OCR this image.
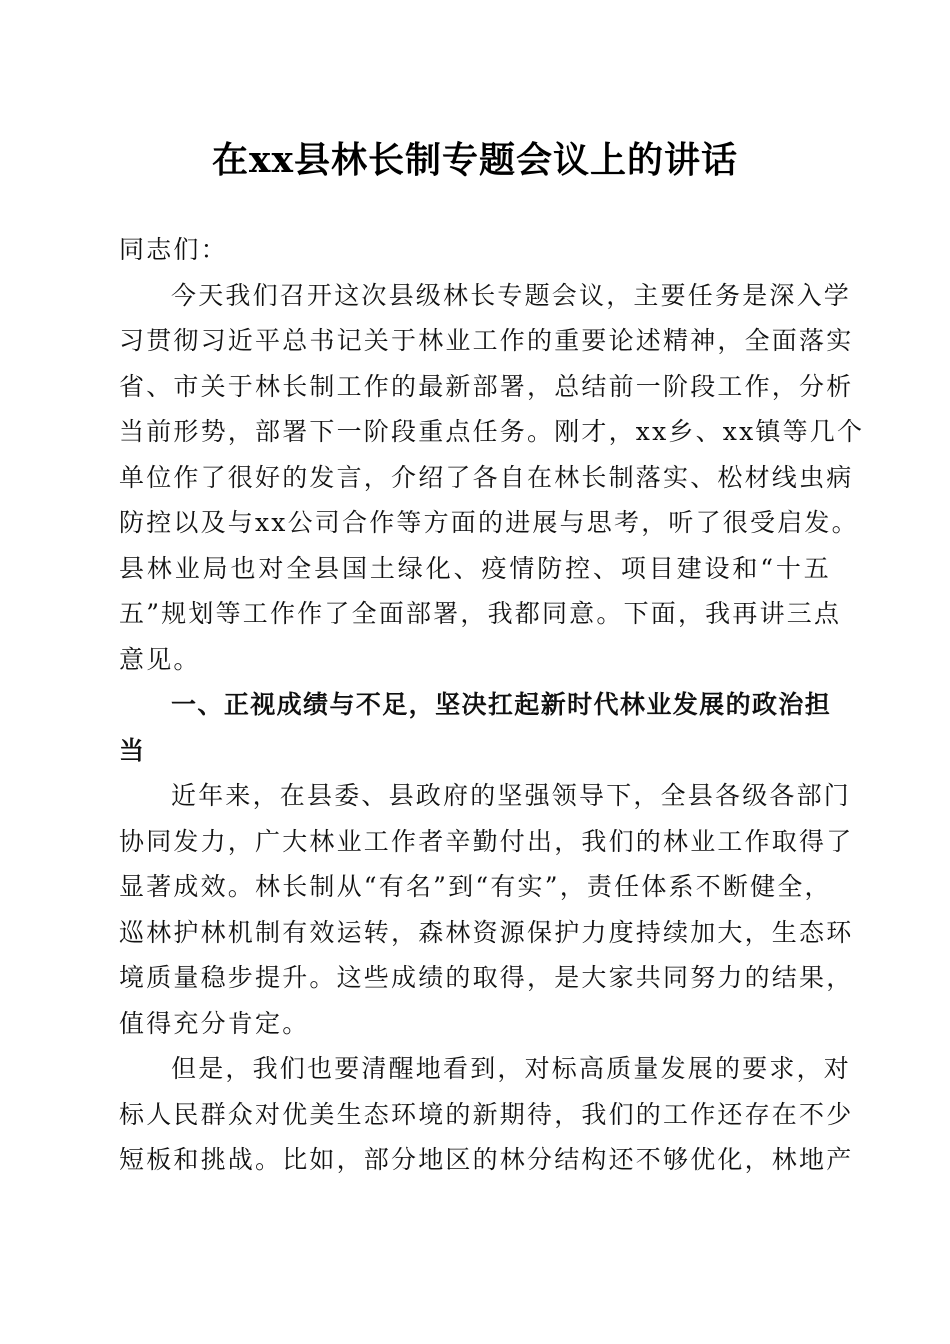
在xx县林长制专题会议上的讲话
同志们：
今天我们召开这次县级林长专题会议，主要任务是深入学
习贯彻习近平总书记关于林业工作的重要论述精神，全面落实
省、市关于林长制工作的最新部署，总结前一阶段工作，分析
当前形势，部署下一阶段重点任务。刚才，xx乡、xx镇等几个
单位作了很好的发言，介绍了各自在林长制落实、松材线虫病
防控以及与xx公司合作等方面的进展与思考，听了很受启发。
县林业局也对全县国土绿化、疫情防控、项目建设和“十五
五”规划等工作作了全面部署，我都同意。下面，我再讲三点
意见。
一、正视成绩与不足，坚决扛起新时代林业发展的政治担
当
近年来，在县委、县政府的坚强领导下，全县各级各部门
协同发力，广大林业工作者辛勤付出，我们的林业工作取得了
显著成效。林长制从“有名”到“有实”，责任体系不断健全，
巡林护林机制有效运转，森林资源保护力度持续加大，生态环
境质量稳步提升。这些成绩的取得，是大家共同努力的结果，
值得充分肯定。
但是，我们也要清醒地看到，对标高质量发展的要求，对
标人民群众对优美生态环境的新期待，我们的工作还存在不少
短板和挑战。比如，部分地区的林分结构还不够优化，林地产
